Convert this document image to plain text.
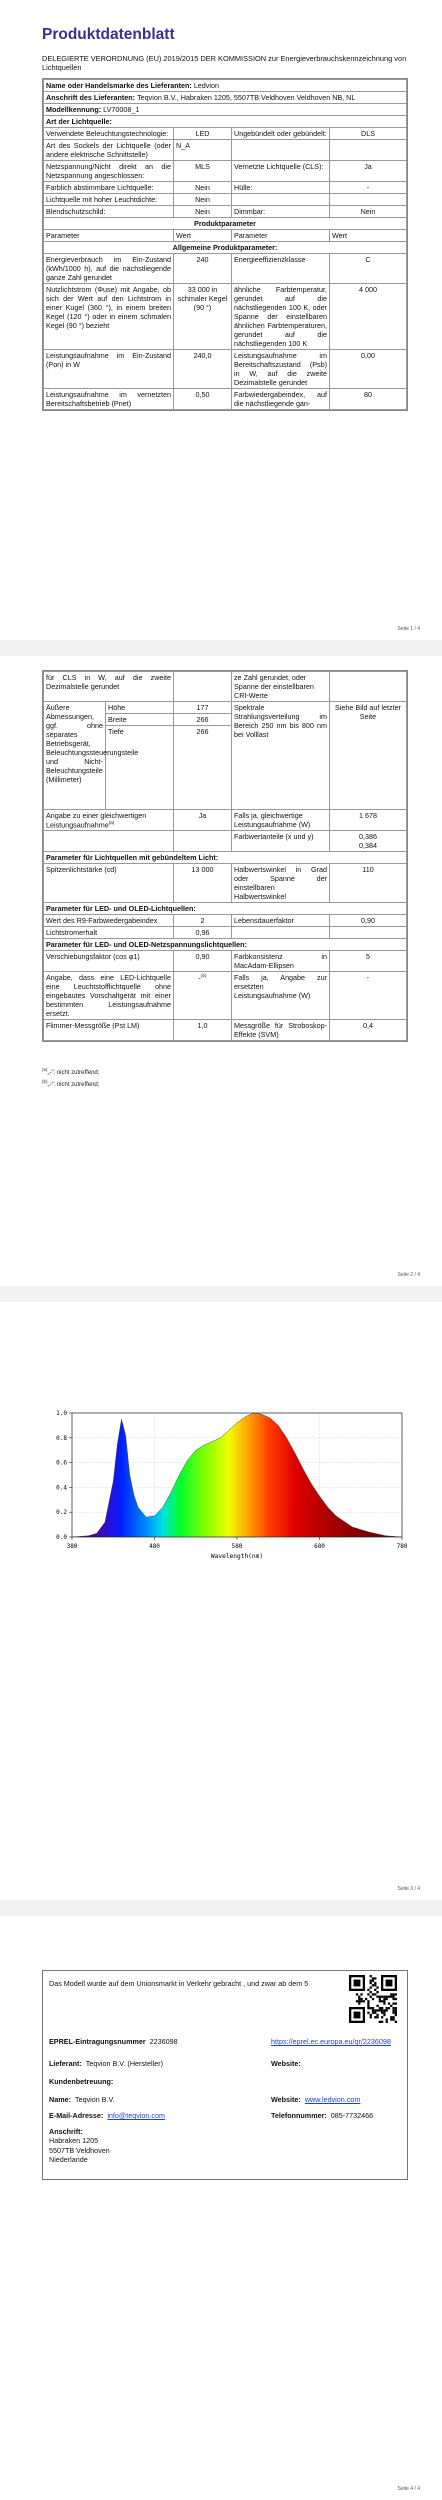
Produktdatenblatt
DELEGIERTE VERORDNUNG (EU) 2019/2015 DER KOMMISSION zur Energieverbrauchskennzeichnung von Lichtquellen
Name oder Handelsmarke des Lieferanten: Ledvion			
Anschrift des Lieferanten: Teqvion B.V., Habraken 1205, 5507TB Veldhoven Veldhoven NB, NL			
Modellkennung: LV70008_1			
Art der Lichtquelle:			
Verwendete Beleuchtungstechnologie:	LED	Ungebündelt oder gebündelt:	DLS
Art des Sockels der Lichtquelle (oder andere elektrische Schnittstelle)	N_A		
Netzspannung/Nicht direkt an die Netzspannung angeschlossen:	MLS	Vernetzte Lichtquelle (CLS):	Ja
Farblich abstimmbare Lichtquelle:	Nein	Hülle:	-
Lichtquelle mit hoher Leuchtdichte:	Nein		
Blendschutzschild:	Nein	Dimmbar:	Nein
Produktparameter			
Parameter	Wert	Parameter	Wert
Allgemeine Produktparameter:			
Energieverbrauch im Ein-Zustand (kWh/1000 h), auf die nächstliegende ganze Zahl gerundet	240	Energieeffizienzklasse	C
Nutzlichtstrom (Φuse) mit Angabe, ob sich der Wert auf den Lichtstrom in einer Kugel (360 °), in einem breiten Kegel (120 °) oder in einem schmalen Kegel (90 °) bezieht	33 000 in schmaler Kegel (90 °)	ähnliche Farbtemperatur, gerundet auf die nächstliegenden 100 K, oder Spanne der einstellbaren ähnlichen Farbtemperaturen, gerundet auf die nächstliegenden 100 K	4 000
Leistungsaufnahme im Ein-Zustand (Pon) in W	240,0	Leistungsaufnahme im Bereitschaftszustand (Psb) in W, auf die zweite Dezimalstelle gerundet	0,00
Leistungsaufnahme im vernetzten Bereitschaftsbetrieb (Pnet)	0,50	Farbwiedergabeindex, auf die nächstliegende gan-	80
Seite 1 / 4
für CLS in W, auf die zweite Dezimalstelle gerundet			ze Zahl gerundet, oder Spanne der einstellbaren CRI-Werte	
Äußere Abmessungen, ggf. ohne separates Betriebsgerät, Beleuchtungssteuerungsteile und Nicht-Beleuchtungsteile (Millimeter)	Höhe	177	Spektrale Strahlungsverteilung im Bereich 250 nm bis 800 nm bei Volllast	Siehe Bild auf letzter Seite
	Breite	266		
	Tiefe	266		
Angabe zu einer gleichwertigen Leistungsaufnahme$^{(a)}$		Ja	Falls ja, gleichwertige Leistungsaufnahme (W)	1 678
			Farbwertanteile (x und y)	0,386
0,384

Parameter für Lichtquellen mit gebündeltem Licht:				
Spitzenlichtstärke (cd)		13 000	Halbwertswinkel in Grad oder Spanne der einstellbaren Halbwertswinkel	110
Parameter für LED- und OLED-Lichtquellen:				
Wert des R9-Farbwiedergabeindex		2	Lebensdauerfaktor	0,90
Lichtstromerhalt		0,96		
Parameter für LED- und OLED-Netzspannungslichtquellen:				
Verschiebungsfaktor (cos φ1)		0,90	Farbkonsistenz in MacAdam-Ellipsen	5
Angabe, dass eine LED-Lichtquelle eine Leuchtstofflichtquelle ohne eingebautes Vorschaltgerät mit einer bestimmten Leistungsaufnahme ersetzt.		-$^{(b)}$	Falls ja, Angabe zur ersetzten Leistungsaufnahme (W)	-
Flimmer-Messgröße (Pst LM)		1,0	Messgröße für Stroboskop-Effekte (SVM)	0,4
$^{(a)}$„-“: nicht zutreffend;
$^{(b)}$„-“: nicht zutreffend;
Seite 2 / 4
0.0
0.2
0.4
0.6
0.8
1.0
380	480	580	680	780
Wavelength(nm)
Seite 3 / 4
Das Modell wurde auf dem Unionsmarkt in Verkehr gebracht , und zwar ab dem 5
EPREL-Eintragungsnummer 2236098	https://eprel.ec.europa.eu/qr/2236098
Lieferant: Teqvion B.V. (Hersteller)	Website:
Kundenbetreuung:
Name: Teqvion B.V.	Website: www.ledvion.com
E-Mail-Adresse: info@teqvion.com	Telefonnummer: 085-7732466
Anschrift:
Habraken 1205
5507TB Veldhoven
Niederlande
Seite 4 / 4
